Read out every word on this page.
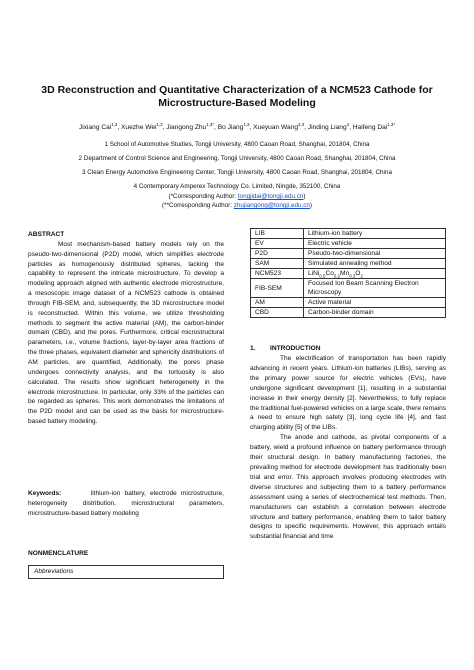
3D Reconstruction and Quantitative Characterization of a NCM523 Cathode for Microstructure-Based Modeling
Jixiang Cai$^{1,3}$, Xuezhe Wei$^{1,3}$, Jiangong Zhu$^{1,3*}$, Bo Jiang$^{1,3}$, Xueyuan Wang$^{2,3}$, Jinding Liang$^4$, Haifeng Dai$^{1,3*}$
1 School of Automotive Studies, Tongji University, 4800 Caoan Road, Shanghai, 201804, China
2 Department of Control Science and Engineering, Tongji University, 4800 Caoan Road, Shanghai, 201804, China
3 Clean Energy Automotive Engineering Center, Tongji University, 4800 Caoan Road, Shanghai, 201804, China
4 Contemporary Amperex Technology Co. Limited, Ningde, 352100, China
(*Corresponding Author: tongjidai@tongji.edu.cn)
(**Corresponding Author: zhujiangong@tongji.edu.cn)
ABSTRACT
Most mechanism-based battery models rely on the pseudo-two-dimensional (P2D) model, which simplifies electrode particles as homogenously distributed spheres, lacking the capability to represent the intricate microstructure. To develop a modeling approach aligned with authentic electrode microstructure, a mesoscopic image dataset of a NCM523 cathode is obtained through FIB-SEM, and, subsequently, the 3D microstructure model is reconstructed. Within this volume, we utilize thresholding methods to segment the active material (AM), the carbon-binder domain (CBD), and the pores. Furthermore, critical microstructural parameters, i.e., volume fractions, layer-by-layer area fractions of the three phases, equivalent diameter and sphericity distributions of AM particles, are quantified, Additionally, the pores phase undergoes connectivity analysis, and the tortuosity is also calculated. The results show significant heterogeneity in the electrode microstructure. In particular, only 33% of the particles can be regarded as spheres. This work demonstrates the limitations of the P2D model and can be used as the basis for microstructure-based battery modeling.
Keywords:	lithium-ion battery, electrode microstructure, heterogeneity distribution, microstructural parameters, microstructure-based battery modeling
NONMENCLATURE
Abbreviations
LIB	Lithium-ion battery
EV	Electric vehicle
P2D	Pseudo-two-dimensional
SAM	Simulated annealing method
NCM523	$LiNi_{0.5}Co_{0.2}Mn_{0.3}O_2$
FIB-SEM	Focused Ion Beam Scanning Electron Microscopy
AM	Active material
CBD	Carbon-binder domain
1. INTRODUCTION
The electrification of transportation has been rapidly advancing in recent years. Lithium-ion batteries (LIBs), serving as the primary power source for electric vehicles (EVs), have undergone significant development [1], resulting in a substantial increase in their energy density [2]. Nevertheless, to fully replace the traditional fuel-powered vehicles on a large scale, there remains a need to ensure high safety [3], long cycle life [4], and fast charging ability [5] of the LIBs.
The anode and cathode, as pivotal components of a battery, wield a profound influence on battery performance through their structural design. In battery manufacturing factories, the prevailing method for electrode development has traditionally been trial and error. This approach involves producing electrodes with diverse structures and subjecting them to a battery performance assessment using a series of electrochemical test methods. Then, manufacturers can establish a correlation between electrode structure and battery performance, enabling them to tailor battery designs to specific requirements. However, this approach entails substantial financial and time
